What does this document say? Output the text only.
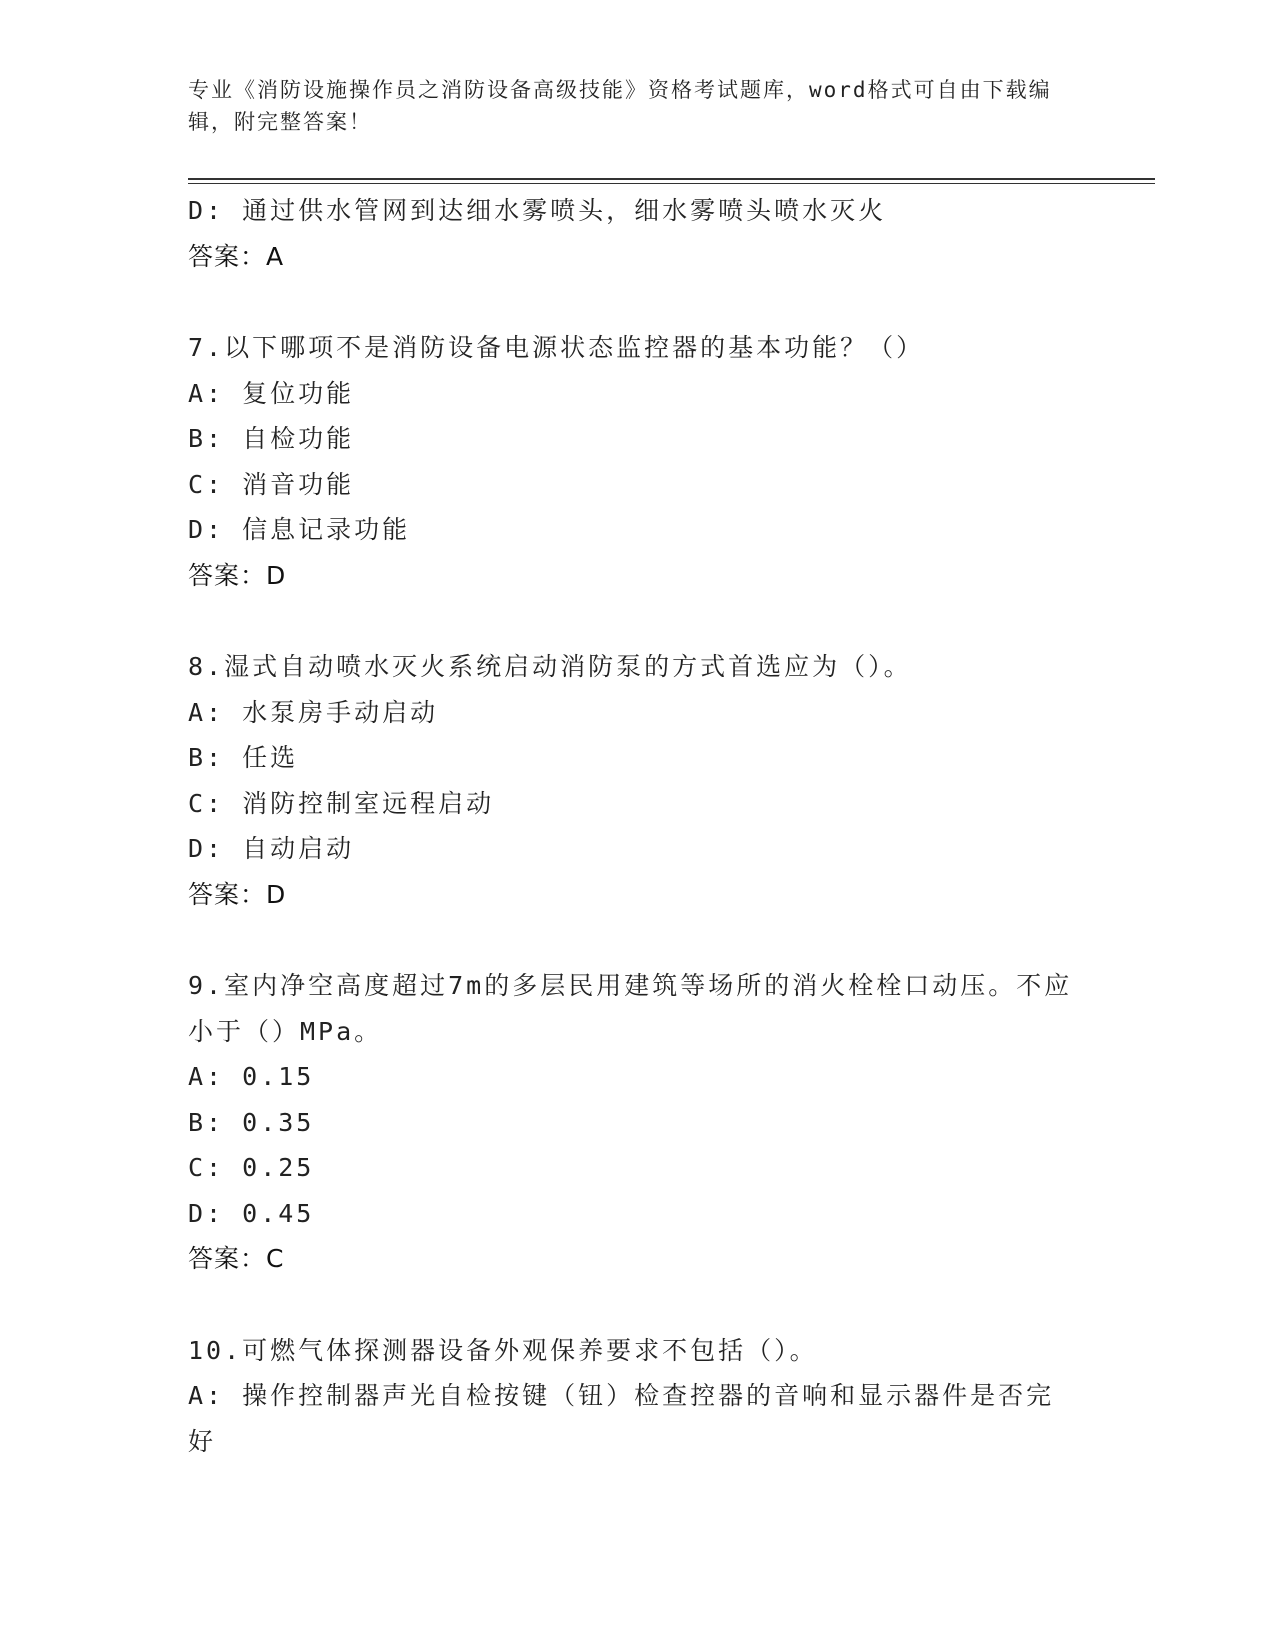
专业《消防设施操作员之消防设备高级技能》资格考试题库，word格式可自由下载编辑，附完整答案！
D: 通过供水管网到达细水雾喷头，细水雾喷头喷水灭火
答案：A
7.以下哪项不是消防设备电源状态监控器的基本功能？（）
A: 复位功能
B: 自检功能
C: 消音功能
D: 信息记录功能
答案：D
8.湿式自动喷水灭火系统启动消防泵的方式首选应为（）。
A: 水泵房手动启动
B: 任选
C: 消防控制室远程启动
D: 自动启动
答案：D
9.室内净空高度超过7m的多层民用建筑等场所的消火栓栓口动压。不应小于（）MPa。
A: 0.15
B: 0.35
C: 0.25
D: 0.45
答案：C
10.可燃气体探测器设备外观保养要求不包括（）。
A: 操作控制器声光自检按键（钮）检查控器的音响和显示器件是否完好
